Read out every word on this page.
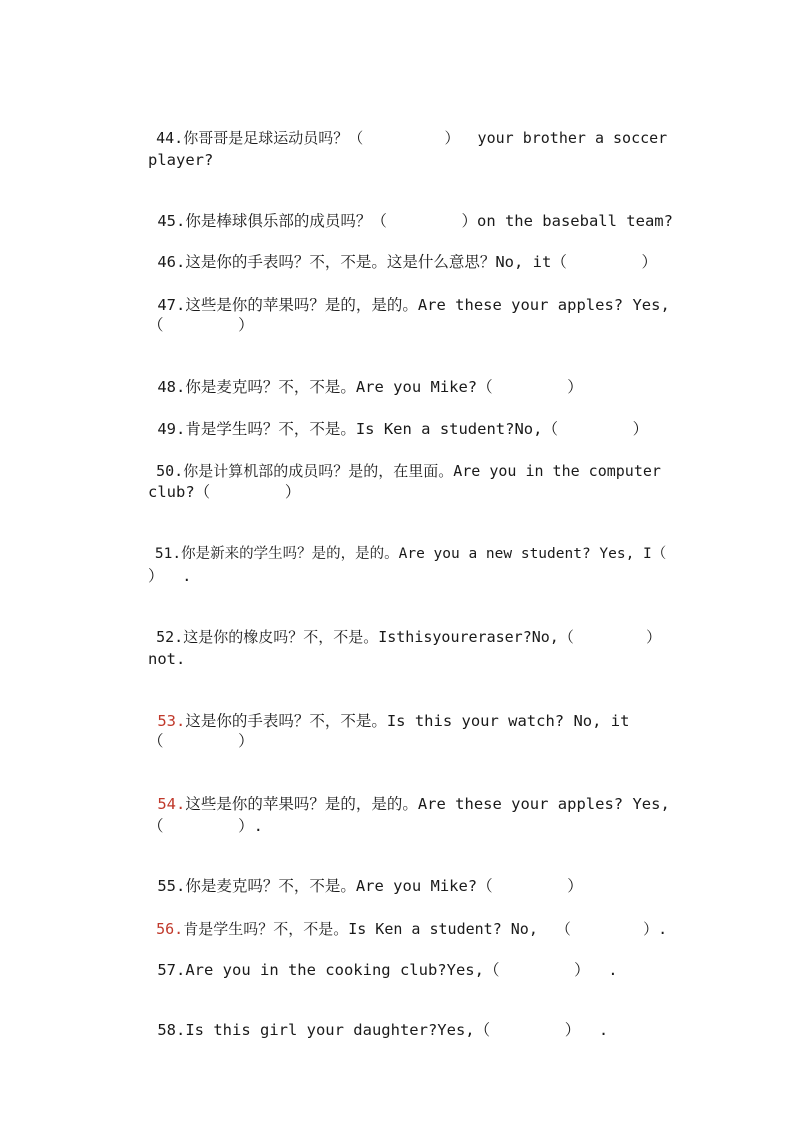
44.你哥哥是足球运动员吗？（         ）  your brother a soccer

player?

45.你是棒球俱乐部的成员吗？（        ）on the baseball team?

46.这是你的手表吗？不，不是。这是什么意思？No, it（        ）

47.这些是你的苹果吗？是的，是的。Are these your apples? Yes,

（        ）

48.你是麦克吗？不，不是。Are you Mike?（        ）

49.肯是学生吗？不，不是。Is Ken a student?No,（        ）

50.你是计算机部的成员吗？是的，在里面。Are you in the computer

club?（        ）

51.你是新来的学生吗？是的，是的。Are you a new student? Yes, I（

）  .

52.这是你的橡皮吗？不，不是。Isthisyoureraser?No,（        ）

not.

53.这是你的手表吗？不，不是。Is this your watch? No, it

（        ）

54.这些是你的苹果吗？是的，是的。Are these your apples? Yes,

（        ）.

55.你是麦克吗？不，不是。Are you Mike?（        ）

56.肯是学生吗？不，不是。Is Ken a student? No,  （        ）.

57.Are you in the cooking club?Yes,（        ）  .

58.Is this girl your daughter?Yes,（        ）  .
